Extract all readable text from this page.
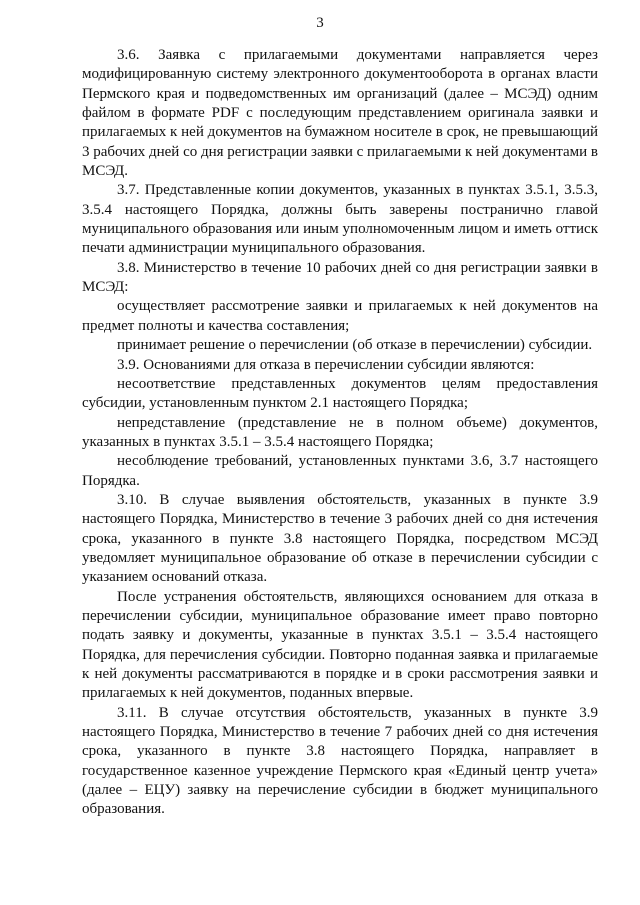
3

3.6. Заявка с прилагаемыми документами направляется через модифицированную систему электронного документооборота в органах власти Пермского края и подведомственных им организаций (далее – МСЭД) одним файлом в формате PDF с последующим представлением оригинала заявки и прилагаемых к ней документов на бумажном носителе в срок, не превышающий 3 рабочих дней со дня регистрации заявки с прилагаемыми к ней документами в МСЭД.

3.7. Представленные копии документов, указанных в пунктах 3.5.1, 3.5.3, 3.5.4 настоящего Порядка, должны быть заверены постранично главой муниципального образования или иным уполномоченным лицом и иметь оттиск печати администрации муниципального образования.

3.8. Министерство в течение 10 рабочих дней со дня регистрации заявки в МСЭД:

осуществляет рассмотрение заявки и прилагаемых к ней документов на предмет полноты и качества составления;

принимает решение о перечислении (об отказе в перечислении) субсидии.

3.9. Основаниями для отказа в перечислении субсидии являются:

несоответствие представленных документов целям предоставления субсидии, установленным пунктом 2.1 настоящего Порядка;

непредставление (представление не в полном объеме) документов, указанных в пунктах 3.5.1 – 3.5.4 настоящего Порядка;

несоблюдение требований, установленных пунктами 3.6, 3.7 настоящего Порядка.

3.10. В случае выявления обстоятельств, указанных в пункте 3.9 настоящего Порядка, Министерство в течение 3 рабочих дней со дня истечения срока, указанного в пункте 3.8 настоящего Порядка, посредством МСЭД уведомляет муниципальное образование об отказе в перечислении субсидии с указанием оснований отказа.

После устранения обстоятельств, являющихся основанием для отказа в перечислении субсидии, муниципальное образование имеет право повторно подать заявку и документы, указанные в пунктах 3.5.1 – 3.5.4 настоящего Порядка, для перечисления субсидии. Повторно поданная заявка и прилагаемые к ней документы рассматриваются в порядке и в сроки рассмотрения заявки и прилагаемых к ней документов, поданных впервые.

3.11. В случае отсутствия обстоятельств, указанных в пункте 3.9 настоящего Порядка, Министерство в течение 7 рабочих дней со дня истечения срока, указанного в пункте 3.8 настоящего Порядка, направляет в государственное казенное учреждение Пермского края «Единый центр учета» (далее – ЕЦУ) заявку на перечисление субсидии в бюджет муниципального образования.
